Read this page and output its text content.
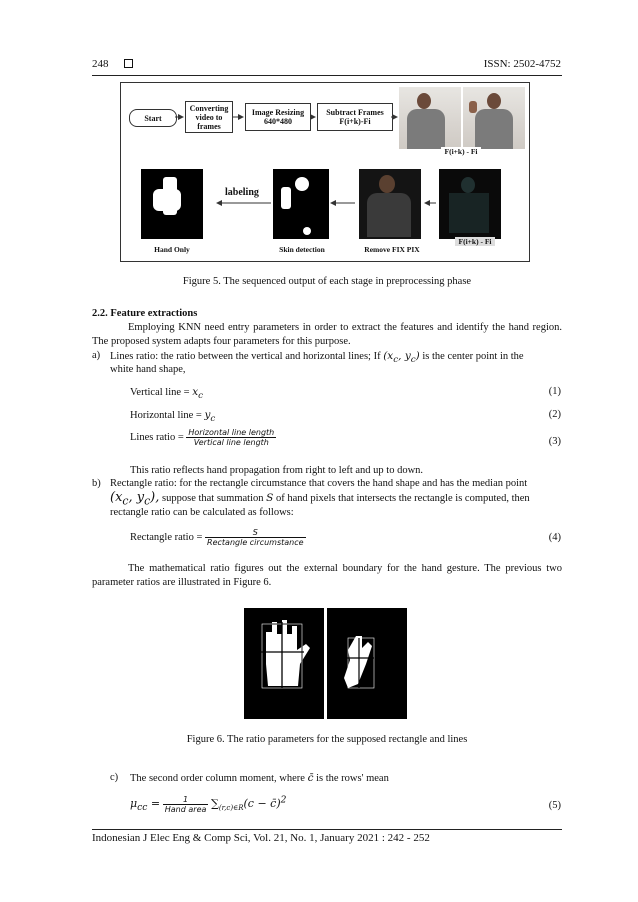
248	ISSN: 2502-4752
Start
Converting video to frames
Image Resizing 640*480
Subtract Frames F(i+k)-Fi
F(i+k) - Fi
labeling
F(i+k) - Fi
Hand Only	Skin detection	Remove FIX PIX
Figure 5. The sequenced output of each stage in preprocessing phase
2.2. Feature extractions
Employing KNN need entry parameters in order to extract the features and identify the hand region. The proposed system adapts four parameters for this purpose.
a) Lines ratio: the ratio between the vertical and horizontal lines; If ($x_c$, $y_c$) is the center point in the
white hand shape,
Vertical line = $x_c$	(1)
Horizontal line = $y_c$	(2)
Lines ratio = $\frac{\text{Horizontal line length}}{\text{Vertical line length}}$	(3)
This ratio reflects hand propagation from right to left and up to down.
b) Rectangle ratio: for the rectangle circumstance that covers the hand shape and has the median point
($x_c$, $y_c$), suppose that summation S of hand pixels that intersects the rectangle is computed, then
rectangle ratio can be calculated as follows:
Rectangle ratio = $\frac{S}{\text{Rectangle circumstance}}$	(4)
The mathematical ratio figures out the external boundary for the hand gesture. The previous two parameter ratios are illustrated in Figure 6.
Figure 6. The ratio parameters for the supposed rectangle and lines
c) The second order column moment, where c̄ is the rows' mean
$\mu_{cc} = \frac{1}{\text{Hand area}} \sum_{(r,c)\in R}(c$ − c̄)$^2$
(5)
Indonesian J Elec Eng & Comp Sci, Vol. 21, No. 1, January 2021 : 242 - 252
